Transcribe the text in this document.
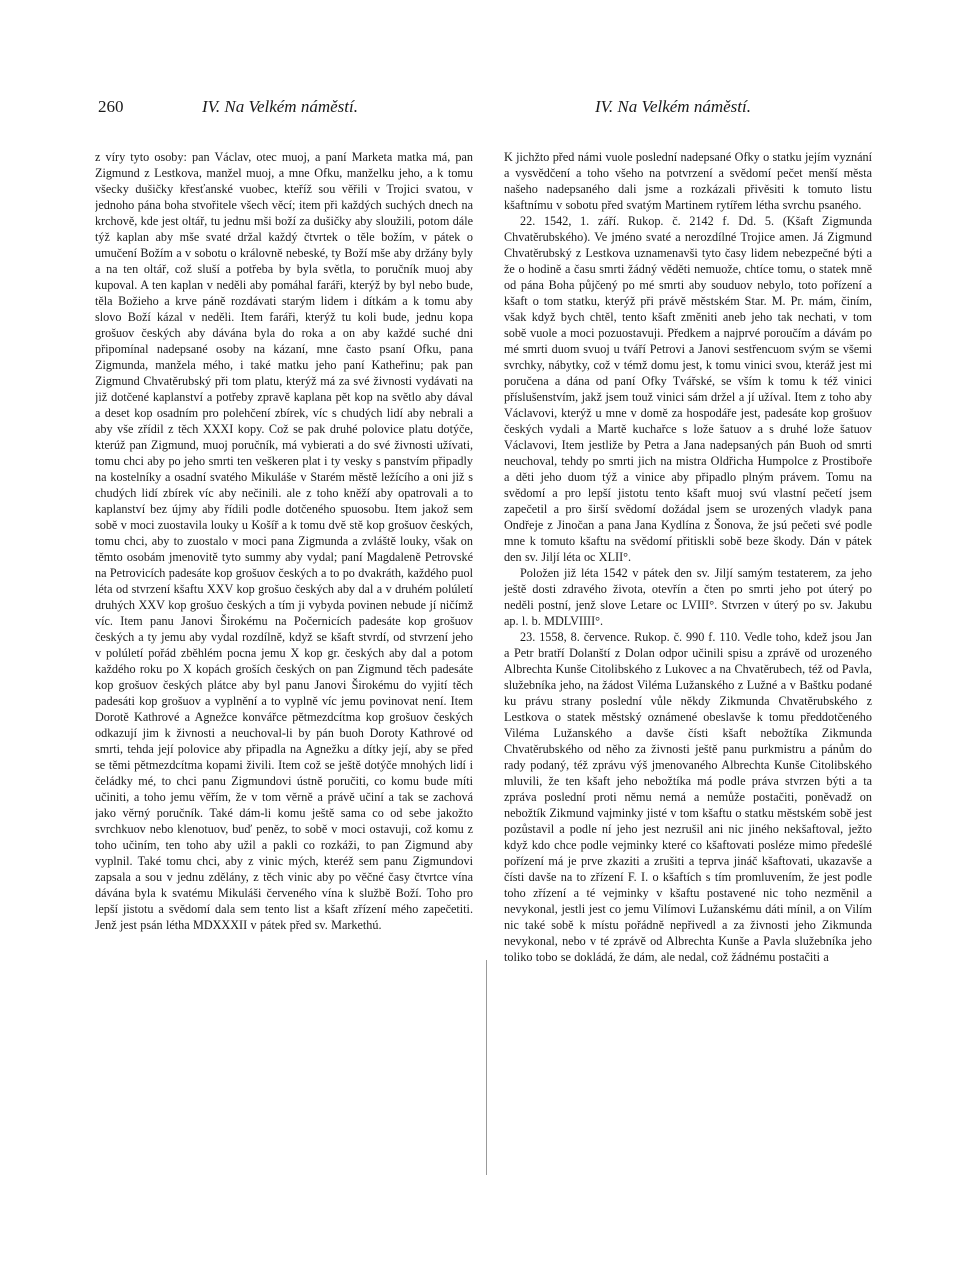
260	IV. Na Velkém náměstí.	IV. Na Velkém náměstí.

z víry tyto osoby: pan Václav, otec muoj, a paní Marketa matka má, pan Zigmund z Lestkova, manžel muoj, a mne Ofku, manželku jeho, a k tomu všecky dušičky křesťanské vuobec, kteříž sou věřili v Trojici svatou, v jednoho pána boha stvořitele všech věcí; item při každých suchých dnech na krchově, kde jest oltář, tu jednu mši boží za dušičky aby sloužili, potom dále týž kaplan aby mše svaté držal každý čtvrtek o těle božím, v pátek o umučení Božím a v sobotu o královně nebeské, ty Boží mše aby držány byly a na ten oltář, což sluší a potřeba by byla světla, to poručník muoj aby kupoval. A ten kaplan v neděli aby pomáhal faráři, kterýž by byl nebo bude, těla Božieho a krve páně rozdávati starým lidem i dítkám a k tomu aby slovo Boží kázal v neděli. Item faráři, kterýž tu koli bude, jednu kopa grošuov českých aby dávána byla do roka a on aby každé suché dni připomínal nadepsané osoby na kázaní, mne často psaní Ofku, pana Zigmunda, manžela mého, i také matku jeho paní Katheřinu; pak pan Zigmund Chvatěrubský při tom platu, kterýž má za své živnosti vydávati na již dotčené kaplanství a potřeby zpravě kaplana pět kop na světlo aby dával a deset kop osadním pro polehčení zbírek, víc s chudých lidí aby nebrali a aby vše zřídil z těch XXXI kopy. Což se pak druhé polovice platu dotýče, kterúž pan Zigmund, muoj poručník, má vybierati a do své živnosti užívati, tomu chci aby po jeho smrti ten veškeren plat i ty vesky s panstvím připadly na kostelníky a osadní svatého Mikuláše v Starém městě ležícího a oni již s chudých lidí zbírek víc aby nečinili. ale z toho kněží aby opatrovali a to kaplanství bez újmy aby řídili podle dotčeného spuosobu. Item jakož sem sobě v moci zuostavila louky u Košíř a k tomu dvě stě kop grošuov českých, tomu chci, aby to zuostalo v moci pana Zigmunda a zvláště louky, však on těmto osobám jmenovitě tyto summy aby vydal; paní Magdaleně Petrovské na Petrovicích padesáte kop grošuov českých a to po dvakráth, každého puol léta od stvrzení kšaftu XXV kop grošuo českých aby dal a v druhém polúletí druhých XXV kop grošuo českých a tím ji vybyda povinen nebude jí ničímž víc. Item panu Janovi Širokému na Počernicích padesáte kop grošuov českých a ty jemu aby vydal rozdílně, když se kšaft stvrdí, od stvrzení jeho v polúletí pořád zběhlém pocna jemu X kop gr. českých aby dal a potom každého roku po X kopách groších českých on pan Zigmund těch padesáte kop grošuov českých plátce aby byl panu Janovi Širokému do vyjití těch padesáti kop grošuov a vyplnění a to vyplně víc jemu povinovat není. Item Dorotě Kathrové a Agnežce konvářce pětmezdcítma kop grošuov českých odkazují jim k živnosti a neuchoval-li by pán buoh Doroty Kathrové od smrti, tehda její polovice aby připadla na Agnežku a dítky její, aby se před se těmi pětmezdcítma kopami živili. Item což se ještě dotýče mnohých lidí i čeládky mé, to chci panu Zigmundovi ústně poručiti, co komu bude míti učiniti, a toho jemu věřím, že v tom věrně a právě učiní a tak se zachová jako věrný poručník. Také dám-li komu ještě sama co od sebe jakožto svrchkuov nebo klenotuov, buď peněz, to sobě v moci ostavuji, což komu z toho učiním, ten toho aby užil a pakli co rozkáži, to pan Zigmund aby vyplnil. Také tomu chci, aby z vinic mých, kteréž sem panu Zigmundovi zapsala a sou v jednu zdělány, z těch vinic aby po věčné časy čtvrtce vína dávána byla k svatému Mikuláši červeného vína k službě Boží. Toho pro lepší jistotu a svědomí dala sem tento list a kšaft zřízení mého zapečetiti. Jenž jest psán létha MDXXXII v pátek před sv. Markethú.

K jichžto před námi vuole poslední nadepsané Ofky o statku jejím vyznání a vysvědčení a toho všeho na potvrzení a svědomí pečet menší města našeho nadepsaného dali jsme a rozkázali přivěsiti k tomuto listu kšaftnímu v sobotu před svatým Martinem rytířem létha svrchu psaného.

22. 1542, 1. září. Rukop. č. 2142 f. Dd. 5. (Kšaft Zigmunda Chvatěrubského). Ve jméno svaté a nerozdílné Trojice amen. Já Zigmund Chvatěrubský z Lestkova uznamenavši tyto časy lidem nebezpečné býti a že o hodině a času smrti žádný věděti nemuože, chtíce tomu, o statek mně od pána Boha půjčený po mé smrti aby souduov nebylo, toto pořízení a kšaft o tom statku, kterýž při právě městském Star. M. Pr. mám, činím, však když bych chtěl, tento kšaft změniti aneb jeho tak nechati, v tom sobě vuole a moci pozuostavuji. Předkem a najprvé poroučím a dávám po mé smrti duom svuoj u tváří Petrovi a Janovi sestřencuom svým se všemi svrchky, nábytky, což v témž domu jest, k tomu vinici svou, kteráž jest mi poručena a dána od paní Ofky Tvářské, se vším k tomu k též vinici příslušenstvím, jakž jsem touž vinici sám držel a jí užíval. Item z toho aby Václavovi, kterýž u mne v domě za hospodáře jest, padesáte kop grošuov českých vydali a Martě kuchařce s lože šatuov a s druhé lože šatuov Václavovi, Item jestliže by Petra a Jana nadepsaných pán Buoh od smrti neuchoval, tehdy po smrti jich na mistra Oldřicha Humpolce z Prostiboře a děti jeho duom týž a vinice aby připadlo plným právem. Tomu na svědomí a pro lepší jistotu tento kšaft muoj svú vlastní pečetí jsem zapečetil a pro širší svědomí dožádal jsem se urozených vladyk pana Ondřeje z Jinočan a pana Jana Kydlína z Šonova, že jsú pečeti své podle mne k tomuto kšaftu na svědomí přitiskli sobě beze škody. Dán v pátek den sv. Jiljí léta oc XLII°.

Položen již léta 1542 v pátek den sv. Jiljí samým testaterem, za jeho ještě dosti zdravého života, otevřín a čten po smrti jeho pot úterý po neděli postní, jenž slove Letare oc LVIII°. Stvrzen v úterý po sv. Jakubu ap. l. b. MDLVIIII°.

23. 1558, 8. července. Rukop. č. 990 f. 110. Vedle toho, kdež jsou Jan a Petr bratří Dolanští z Dolan odpor učinili spisu a zprávě od urozeného Albrechta Kunše Citolibského z Lukovec a na Chvatěrubech, též od Pavla, služebníka jeho, na žádost Viléma Lužanského z Lužné a v Baštku podané ku právu strany poslední vůle někdy Zikmunda Chvatěrubského z Lestkova o statek městský oznámené obeslavše k tomu předdotčeného Viléma Lužanského a davše čísti kšaft nebožtíka Zikmunda Chvatěrubského od něho za živnosti ještě panu purkmistru a pánům do rady podaný, též zprávu výš jmenovaného Albrechta Kunše Citolibského mluvili, že ten kšaft jeho nebožtíka má podle práva stvrzen býti a ta zpráva poslední proti němu nemá a nemůže postačiti, poněvadž on nebožtík Zikmund vajminky jisté v tom kšaftu o statku městském sobě jest pozůstavil a podle ní jeho jest nezrušil ani nic jiného nekšaftoval, ježto když kdo chce podle vejminky které co kšaftovati posléze mimo předešlé pořízení má je prve zkaziti a zrušiti a teprva jináč kšaftovati, ukazavše a čísti davše na to zřízení F. I. o kšaftích s tím promluvením, že jest podle toho zřízení a té vejminky v kšaftu postavené nic toho nezměnil a nevykonal, jestli jest co jemu Vilímovi Lužanskému dáti mínil, a on Vilím nic také sobě k místu pořádně nepřivedl a za živnosti jeho Zikmunda nevykonal, nebo v té zprávě od Albrechta Kunše a Pavla služebníka jeho toliko tobo se dokládá, že dám, ale nedal, což žádnému postačiti a
